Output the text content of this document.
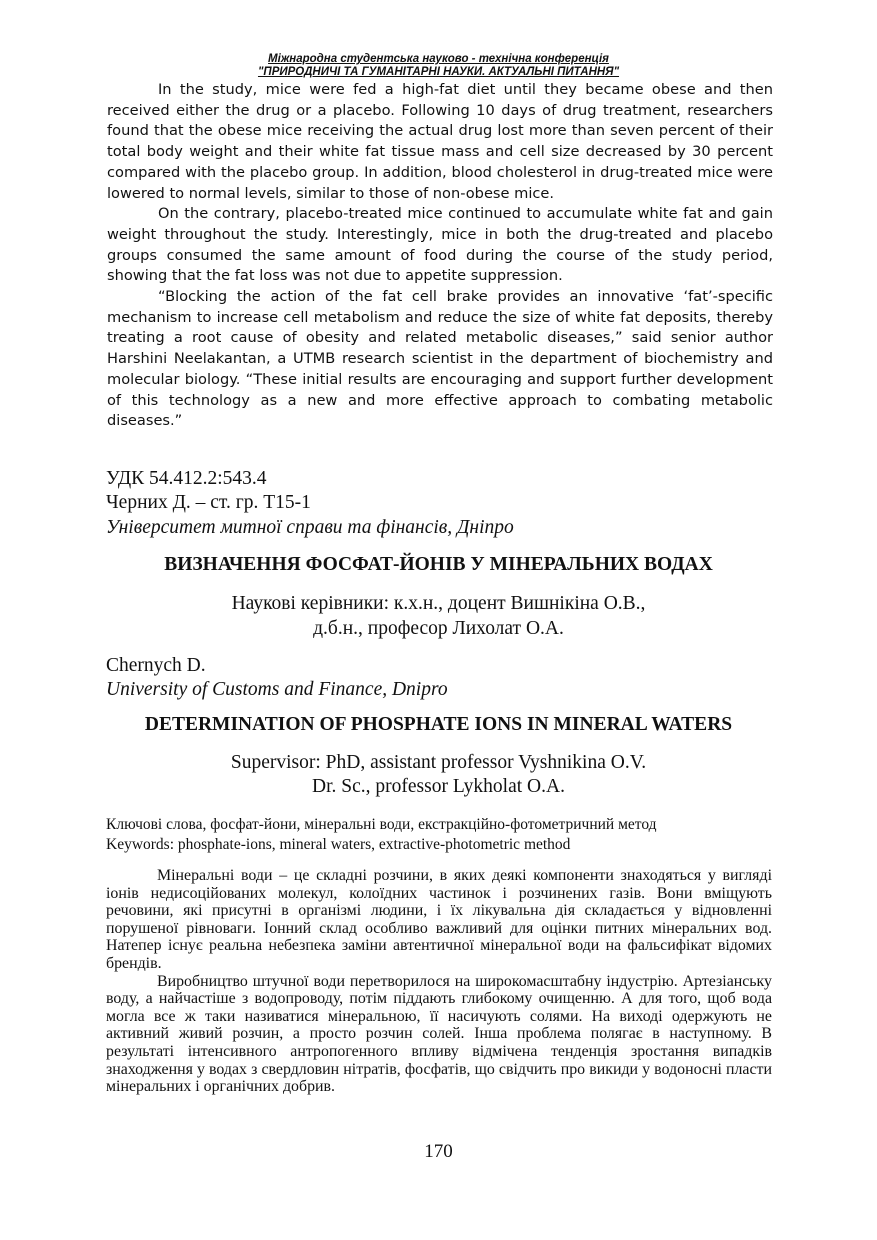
Міжнародна студентська науково - технічна конференція
"ПРИРОДНИЧІ ТА ГУМАНІТАРНІ НАУКИ. АКТУАЛЬНІ ПИТАННЯ"

In the study, mice were fed a high-fat diet until they became obese and then received either the drug or a placebo. Following 10 days of drug treatment, researchers found that the obese mice receiving the actual drug lost more than seven percent of their total body weight and their white fat tissue mass and cell size decreased by 30 percent compared with the placebo group. In addition, blood cholesterol in drug-treated mice were lowered to normal levels, similar to those of non-obese mice.

On the contrary, placebo-treated mice continued to accumulate white fat and gain weight throughout the study. Interestingly, mice in both the drug-treated and placebo groups consumed the same amount of food during the course of the study period, showing that the fat loss was not due to appetite suppression.

“Blocking the action of the fat cell brake provides an innovative ‘fat’-specific mechanism to increase cell metabolism and reduce the size of white fat deposits, thereby treating a root cause of obesity and related metabolic diseases,” said senior author Harshini Neelakantan, a UTMB research scientist in the department of biochemistry and molecular biology. “These initial results are encouraging and support further development of this technology as a new and more effective approach to combating metabolic diseases.”

УДК 54.412.2:543.4
Черних Д. – ст. гр. Т15-1
Університет митної справи та фінансів, Дніпро
ВИЗНАЧЕННЯ ФОСФАТ-ЙОНІВ У МІНЕРАЛЬНИХ ВОДАХ
Наукові керівники: к.х.н., доцент Вишнікіна О.В.,
д.б.н., професор Лихолат О.А.
Chernych D.
University of Customs and Finance, Dnipro
DETERMINATION OF PHOSPHATE IONS IN MINERAL WATERS
Supervisor: PhD, assistant professor Vyshnikina O.V.
Dr. Sc., professor Lykholat O.A.
Ключові слова, фосфат-йони, мінеральні води, екстракційно-фотометричний метод
Keywords: phosphate-ions, mineral waters, extractive-photometric method

Мінеральні води – це складні розчини, в яких деякі компоненти знаходяться у вигляді іонів недисоційованих молекул, колоїдних частинок і розчинених газів. Вони вміщують речовини, які присутні в організмі людини, і їх лікувальна дія складається у відновленні порушеної рівноваги. Іонний склад особливо важливий для оцінки питних мінеральних вод. Натепер існує реальна небезпека заміни автентичної мінеральної води на фальсифікат відомих брендів.

Виробництво штучної води перетворилося на широкомасштабну індустрію. Артезіанську воду, а найчастіше з водопроводу, потім піддають глибокому очищенню. А для того, щоб вода могла все ж таки називатися мінеральною, її насичують солями. На виході одержують не активний живий розчин, а просто розчин солей. Інша проблема полягає в наступному. В результаті інтенсивного антропогенного впливу відмічена тенденція зростання випадків знаходження у водах з свердловин нітратів, фосфатів, що свідчить про викиди у водоносні пласти мінеральних і органічних добрив.

170
